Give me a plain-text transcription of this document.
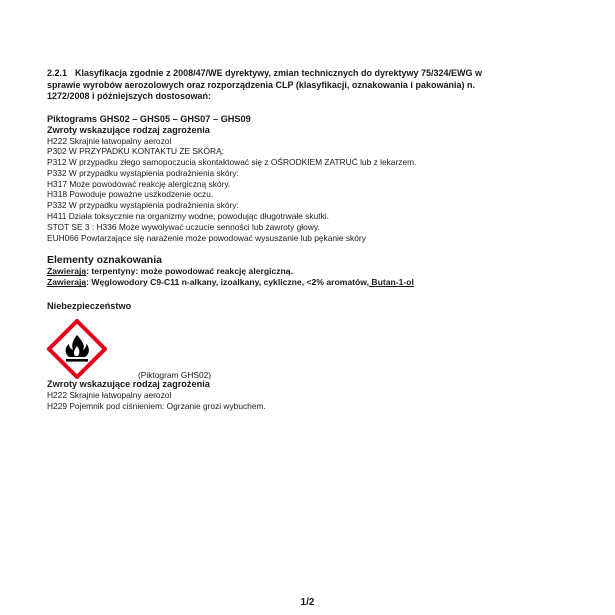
2.2.1 Klasyfikacja zgodnie z 2008/47/WE dyrektywy, zmian technicznych do dyrektywy 75/324/EWG w
sprawie wyrobów aerozolowych oraz rozporządzenia CLP (klasyfikacji, oznakowania i pakowania) n.
1272/2008 i późniejszych dostosowań:
Piktograms GHS02 – GHS05 – GHS07 – GHS09
Zwroty wskazujące rodzaj zagrożenia
H222 Skrajnie łatwopalny aerozol
P302 W PRZYPADKU KONTAKTU ZE SKÓRĄ:
P312 W przypadku złego samopoczucia skontaktować się z OŚRODKIEM ZATRUĆ lub z lekarzem.
P332 W przypadku wystąpienia podrażnienia skóry:
H317 Może powodować reakcję alergiczną skóry.
H318 Powoduje poważne uszkodzenie oczu.
P332 W przypadku wystąpienia podrażnienia skóry:
H411 Działa toksycznie na organizmy wodne, powodując długotrwałe skutki.
STOT SE 3 : H336 Może wywoływać uczucie senności lub zawroty głowy.
EUH066 Powtarzające się narażenie może powodować wysuszanie lub pękanie skóry
Elementy oznakowania
Zawierają: terpentyny: może powodować reakcję alergiczną.
Zawierają: Węglowodory C9-C11 n-alkany, izoalkany, cykliczne, <2% aromatów, Butan-1-ol
Niebezpieczeństwo
(Piktogram GHS02)
Zwroty wskazujące rodzaj zagrożenia
H222 Skrajnie łatwopalny aerozol
H229 Pojemnik pod ciśnieniem: Ogrzanie grozi wybuchem.
1/2
